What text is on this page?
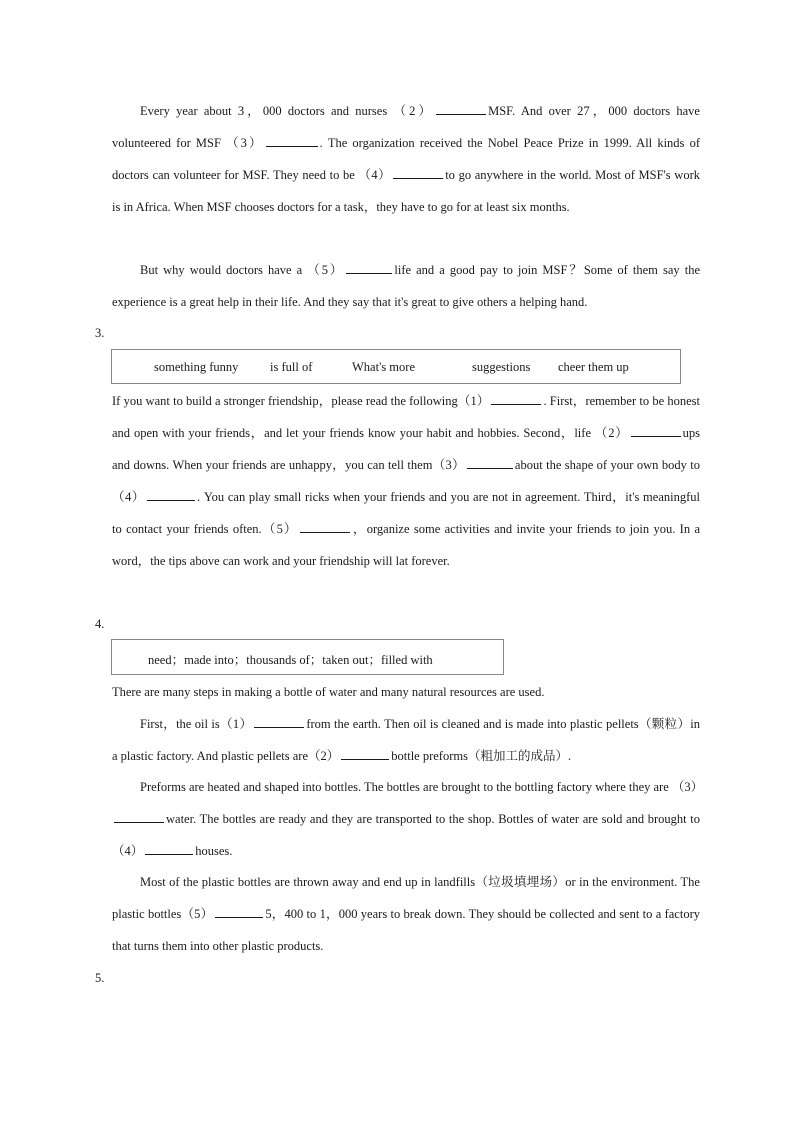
Every year about 3，000 doctors and nurses （2）	MSF. And over 27，000 doctors have volunteered for MSF （3）	. The organization received the Nobel Peace Prize in 1999. All kinds of doctors can volunteer for MSF. They need to be （4）	to go anywhere in the world. Most of MSF's work is in Africa. When MSF chooses doctors for a task，they have to go for at least six months.

But why would doctors have a （5）	life and a good pay to join MSF？Some of them say the experience is a great help in their life. And they say that it's great to give others a helping hand.

3.
something funny	is full of	What's more	suggestions cheer them up

If you want to build a stronger friendship，please read the following（1）	. First，remember to be honest and open with your friends，and let your friends know your habit and hobbies. Second，life （2）	ups and downs. When your friends are unhappy，you can tell them（3）	about the shape of your own body to （4）	. You can play small ricks when your friends and you are not in agreement. Third，it's meaningful to contact your friends often.（5）	，organize some activities and invite your friends to join you. In a word，the tips above can work and your friendship will lat forever.

4.
need；made into；thousands of；taken out；filled with

There are many steps in making a bottle of water and many natural resources are used.

First，the oil is（1）	from the earth. Then oil is cleaned and is made into plastic pellets（颗粒）in a plastic factory. And plastic pellets are（2）	bottle preforms（粗加工的成品）.

Preforms are heated and shaped into bottles. The bottles are brought to the bottling factory where they are （3）water. The bottles are ready and they are transported to the shop. Bottles of water are sold and brought to（4）	houses.

Most of the plastic bottles are thrown away and end up in landfills（垃圾填埋场）or in the environment. The plastic bottles（5）	5，400 to 1，000 years to break down. They should be collected and sent to a factory that turns them into other plastic products.

5.
